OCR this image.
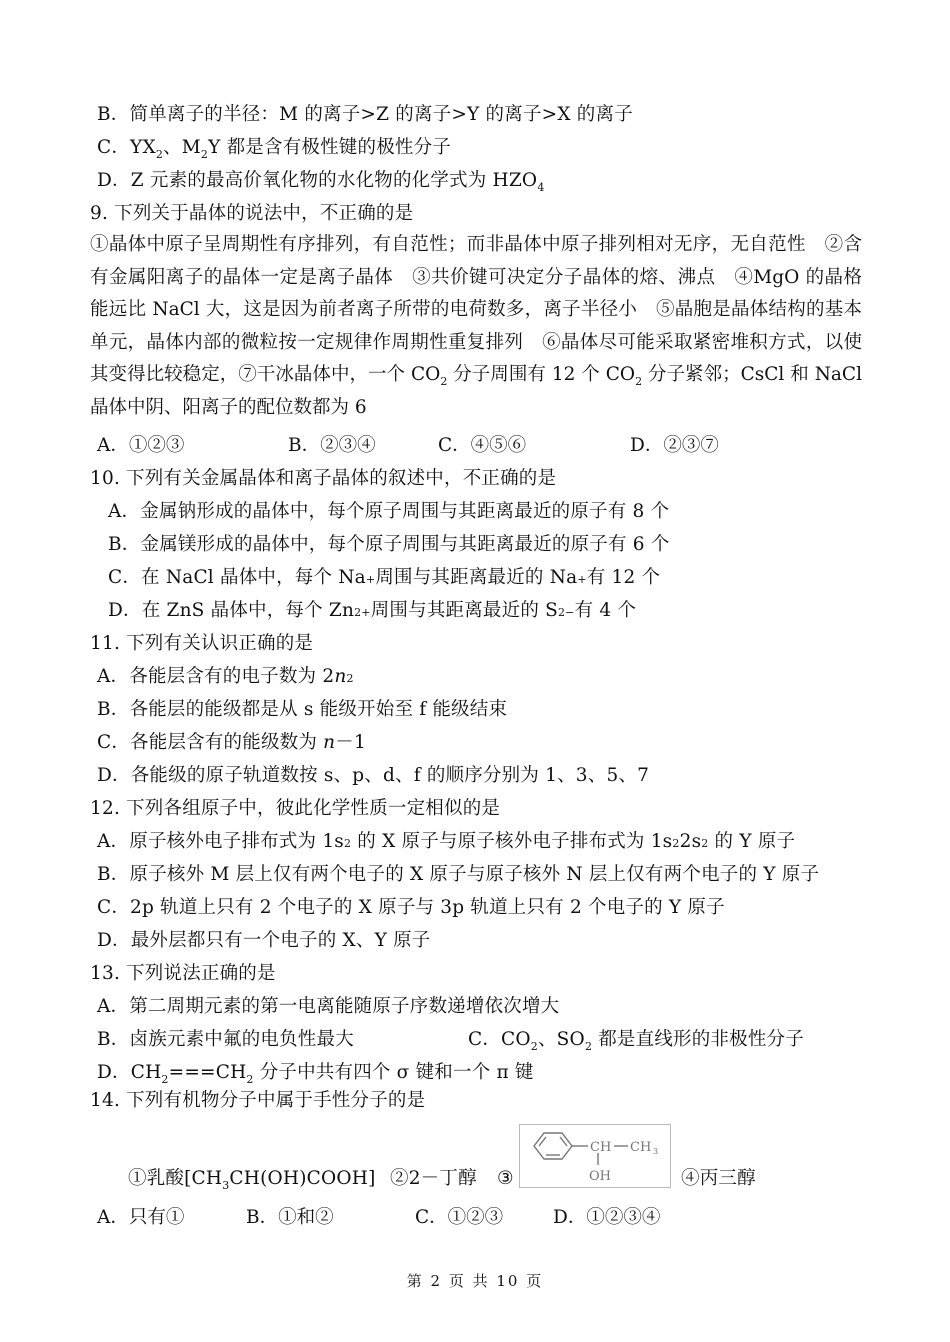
B．简单离子的半径：M 的离子>Z 的离子>Y 的离子>X 的离子
C．$YX_2$、$M_2Y$ 都是含有极性键的极性分子
D．Z 元素的最高价氧化物的水化物的化学式为 $HZO_4$
9. 下列关于晶体的说法中，不正确的是

①晶体中原子呈周期性有序排列，有自范性；而非晶体中原子排列相对无序，无自范性　②含有金属阳离子的晶体一定是离子晶体　③共价键可决定分子晶体的熔、沸点　④MgO 的晶格能远比 NaCl 大，这是因为前者离子所带的电荷数多，离子半径小　⑤晶胞是晶体结构的基本单元，晶体内部的微粒按一定规律作周期性重复排列　⑥晶体尽可能采取紧密堆积方式，以使其变得比较稳定，⑦干冰晶体中，一个 $CO_2$ 分子周围有 12 个 $CO_2$ 分子紧邻；CsCl 和 NaCl 晶体中阴、阳离子的配位数都为 6

A．①②③	B．②③④	C．④⑤⑥	D．②③⑦
10. 下列有关金属晶体和离子晶体的叙述中，不正确的是
A．金属钠形成的晶体中，每个原子周围与其距离最近的原子有 8 个
B．金属镁形成的晶体中，每个原子周围与其距离最近的原子有 6 个
C．在 NaCl 晶体中，每个 Na+周围与其距离最近的 Na+有 12 个
D．在 ZnS 晶体中，每个 Zn2+周围与其距离最近的 S2−有 4 个
11. 下列有关认识正确的是
A．各能层含有的电子数为 2n2
B．各能层的能级都是从 s 能级开始至 f 能级结束
C．各能层含有的能级数为 n－1
D．各能级的原子轨道数按 s、p、d、f 的顺序分别为 1、3、5、7
12. 下列各组原子中，彼此化学性质一定相似的是
A．原子核外电子排布式为 1s2 的 X 原子与原子核外电子排布式为 1s22s2 的 Y 原子
B．原子核外 M 层上仅有两个电子的 X 原子与原子核外 N 层上仅有两个电子的 Y 原子
C．2p 轨道上只有 2 个电子的 X 原子与 3p 轨道上只有 2 个电子的 Y 原子
D．最外层都只有一个电子的 X、Y 原子
13. 下列说法正确的是
A．第二周期元素的第一电离能随原子序数递增依次增大
B．卤族元素中氟的电负性最大	C．$CO_2$、$SO_2$ 都是直线形的非极性分子
D．$CH_2===CH_2$ 分子中共有四个 σ 键和一个 π 键
14. 下列有机物分子中属于手性分子的是
①乳酸$[CH_3CH(OH)COOH]$ ②2－丁醇 ③
CH CH 3
OH	④丙三醇
A．只有①	B．①和②	C．①②③	D．①②③④
第 2 页 共 10 页
